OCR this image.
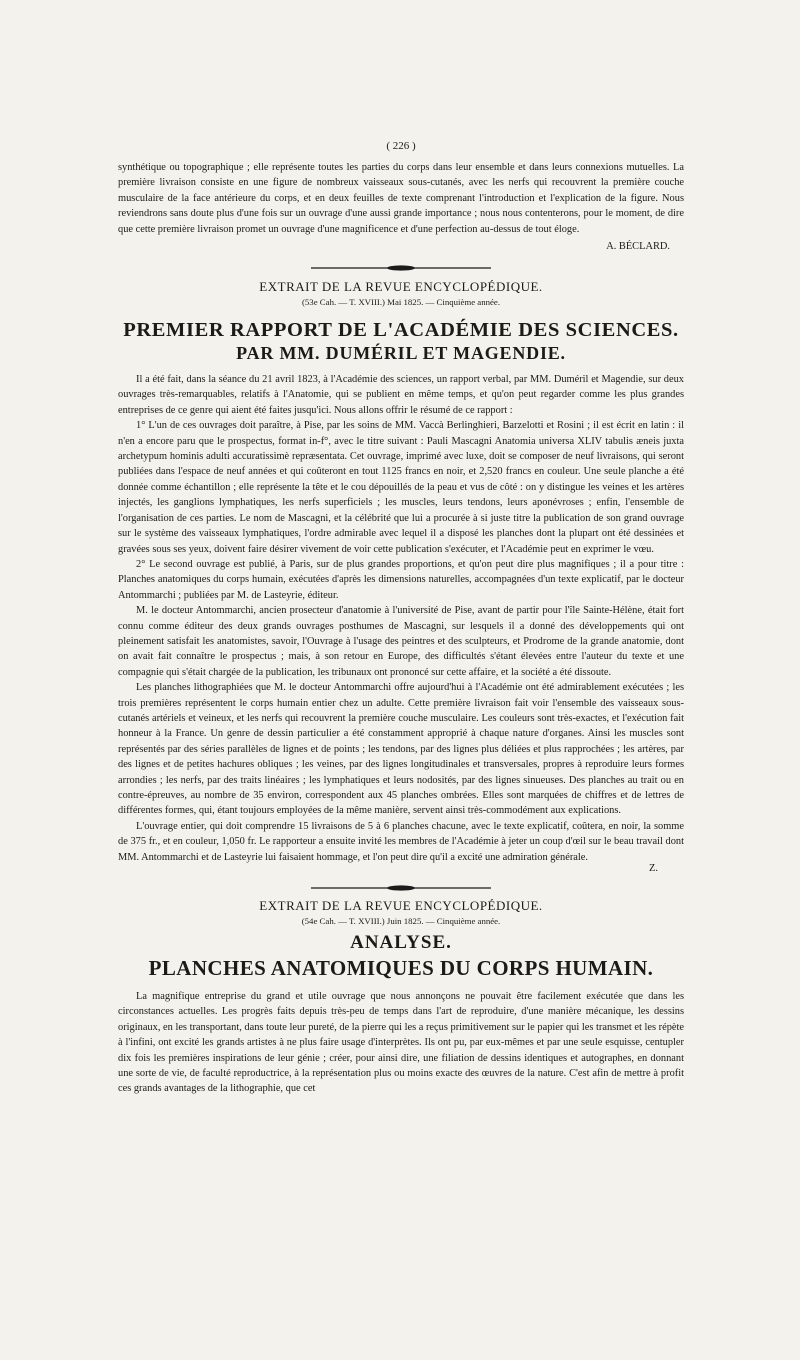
( 226 )

synthétique ou topographique ; elle représente toutes les parties du corps dans leur ensemble et dans leurs connexions mutuelles. La première livraison consiste en une figure de nombreux vaisseaux sous-cutanés, avec les nerfs qui recouvrent la première couche musculaire de la face antérieure du corps, et en deux feuilles de texte comprenant l'introduction et l'explication de la figure. Nous reviendrons sans doute plus d'une fois sur un ouvrage d'une aussi grande importance ; nous nous contenterons, pour le moment, de dire que cette première livraison promet un ouvrage d'une magnificence et d'une perfection au-dessus de tout éloge.

A. BÉCLARD.
EXTRAIT DE LA REVUE ENCYCLOPÉDIQUE.
(53e Cah. — T. XVIII.) Mai 1825. — Cinquième année.
PREMIER RAPPORT DE L'ACADÉMIE DES SCIENCES.
PAR MM. DUMÉRIL ET MAGENDIE.

Il a été fait, dans la séance du 21 avril 1823, à l'Académie des sciences, un rapport verbal, par MM. Duméril et Magendie, sur deux ouvrages très-remarquables, relatifs à l'Anatomie, qui se publient en même temps, et qu'on peut regarder comme les plus grandes entreprises de ce genre qui aient été faites jusqu'ici. Nous allons offrir le résumé de ce rapport :

1° L'un de ces ouvrages doit paraître, à Pise, par les soins de MM. Vaccà Berlinghieri, Barzelotti et Rosini ; il est écrit en latin : il n'en a encore paru que le prospectus, format in-f°, avec le titre suivant : Pauli Mascagni Anatomia universa XLIV tabulis æneis juxta archetypum hominis adulti accuratissimè repræsentata. Cet ouvrage, imprimé avec luxe, doit se composer de neuf livraisons, qui seront publiées dans l'espace de neuf années et qui coûteront en tout 1125 francs en noir, et 2,520 francs en couleur. Une seule planche a été donnée comme échantillon ; elle représente la tête et le cou dépouillés de la peau et vus de côté : on y distingue les veines et les artères injectés, les ganglions lymphatiques, les nerfs superficiels ; les muscles, leurs tendons, leurs aponévroses ; enfin, l'ensemble de l'organisation de ces parties. Le nom de Mascagni, et la célébrité que lui a procurée à si juste titre la publication de son grand ouvrage sur le système des vaisseaux lymphatiques, l'ordre admirable avec lequel il a disposé les planches dont la plupart ont été dessinées et gravées sous ses yeux, doivent faire désirer vivement de voir cette publication s'exécuter, et l'Académie peut en exprimer le vœu.

2° Le second ouvrage est publié, à Paris, sur de plus grandes proportions, et qu'on peut dire plus magnifiques ; il a pour titre : Planches anatomiques du corps humain, exécutées d'après les dimensions naturelles, accompagnées d'un texte explicatif, par le docteur Antommarchi ; publiées par M. de Lasteyrie, éditeur.

M. le docteur Antommarchi, ancien prosecteur d'anatomie à l'université de Pise, avant de partir pour l'île Sainte-Hélène, était fort connu comme éditeur des deux grands ouvrages posthumes de Mascagni, sur lesquels il a donné des développements qui ont pleinement satisfait les anatomistes, savoir, l'Ouvrage à l'usage des peintres et des sculpteurs, et Prodrome de la grande anatomie, dont on avait fait connaître le prospectus ; mais, à son retour en Europe, des difficultés s'étant élevées entre l'auteur du texte et une compagnie qui s'était chargée de la publication, les tribunaux ont prononcé sur cette affaire, et la société a été dissoute.

Les planches lithographiées que M. le docteur Antommarchi offre aujourd'hui à l'Académie ont été admirablement exécutées ; les trois premières représentent le corps humain entier chez un adulte. Cette première livraison fait voir l'ensemble des vaisseaux sous-cutanés artériels et veineux, et les nerfs qui recouvrent la première couche musculaire. Les couleurs sont très-exactes, et l'exécution fait honneur à la France. Un genre de dessin particulier a été constamment approprié à chaque nature d'organes. Ainsi les muscles sont représentés par des séries parallèles de lignes et de points ; les tendons, par des lignes plus déliées et plus rapprochées ; les artères, par des lignes et de petites hachures obliques ; les veines, par des lignes longitudinales et transversales, propres à reproduire leurs formes arrondies ; les nerfs, par des traits linéaires ; les lymphatiques et leurs nodosités, par des lignes sinueuses. Des planches au trait ou en contre-épreuves, au nombre de 35 environ, correspondent aux 45 planches ombrées. Elles sont marquées de chiffres et de lettres de différentes formes, qui, étant toujours employées de la même manière, servent ainsi très-commodément aux explications.

L'ouvrage entier, qui doit comprendre 15 livraisons de 5 à 6 planches chacune, avec le texte explicatif, coûtera, en noir, la somme de 375 fr., et en couleur, 1,050 fr. Le rapporteur a ensuite invité les membres de l'Académie à jeter un coup d'œil sur le beau travail dont MM. Antommarchi et de Lasteyrie lui faisaient hommage, et l'on peut dire qu'il a excité une admiration générale.

Z.
EXTRAIT DE LA REVUE ENCYCLOPÉDIQUE.
(54e Cah. — T. XVIII.) Juin 1825. — Cinquième année.
ANALYSE.
PLANCHES ANATOMIQUES DU CORPS HUMAIN.

La magnifique entreprise du grand et utile ouvrage que nous annonçons ne pouvait être facilement exécutée que dans les circonstances actuelles. Les progrès faits depuis très-peu de temps dans l'art de reproduire, d'une manière mécanique, les dessins originaux, en les transportant, dans toute leur pureté, de la pierre qui les a reçus primitivement sur le papier qui les transmet et les répète à l'infini, ont excité les grands artistes à ne plus faire usage d'interprètes. Ils ont pu, par eux-mêmes et par une seule esquisse, centupler dix fois les premières inspirations de leur génie ; créer, pour ainsi dire, une filiation de dessins identiques et autographes, en donnant une sorte de vie, de faculté reproductrice, à la représentation plus ou moins exacte des œuvres de la nature. C'est afin de mettre à profit ces grands avantages de la lithographie, que cet
